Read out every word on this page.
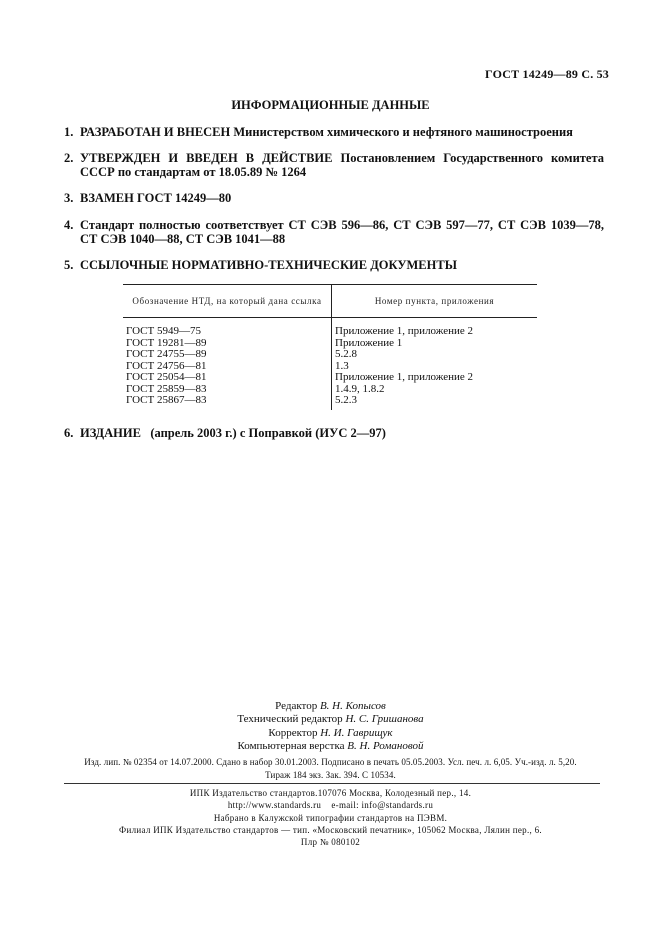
ГОСТ 14249—89 С. 53
ИНФОРМАЦИОННЫЕ ДАННЫЕ
1. РАЗРАБОТАН И ВНЕСЕН Министерством химического и нефтяного машиностроения
2. УТВЕРЖДЕН И ВВЕДЕН В ДЕЙСТВИЕ Постановлением Государственного комитета СССР по стандартам от 18.05.89 № 1264
3. ВЗАМЕН ГОСТ 14249—80
4. Стандарт полностью соответствует СТ СЭВ 596—86, СТ СЭВ 597—77, СТ СЭВ 1039—78, СТ СЭВ 1040—88, СТ СЭВ 1041—88
5. ССЫЛОЧНЫЕ НОРМАТИВНО-ТЕХНИЧЕСКИЕ ДОКУМЕНТЫ
Обозначение НТД, на который дана ссылка	Номер пункта, приложения

ГОСТ 5949—75	Приложение 1, приложение 2
ГОСТ 19281—89	Приложение 1
ГОСТ 24755—89	5.2.8
ГОСТ 24756—81	1.3
ГОСТ 25054—81	Приложение 1, приложение 2
ГОСТ 25859—83	1.4.9, 1.8.2
ГОСТ 25867—83	5.2.3
6. ИЗДАНИЕ   (апрель 2003 г.) с Поправкой (ИУС 2—97)
Редактор В. Н. Копысов
Технический редактор Н. С. Гришанова
Корректор Н. И. Гаврищук
Компьютерная верстка В. Н. Романовой
Изд. лип. № 02354 от 14.07.2000. Сдано в набор 30.01.2003. Подписано в печать 05.05.2003. Усл. печ. л. 6,05. Уч.-изд. л. 5,20.
Тираж 184 экз. Зак. 394. С 10534.
ИПК Издательство стандартов.107076 Москва, Колодезный пер., 14.
http://www.standards.ru    e-mail: info@standards.ru
Набрано в Калужской типографии стандартов на ПЭВМ.
Филиал ИПК Издательство стандартов — тип. «Московский печатник», 105062 Москва, Лялин пер., 6.
Плр № 080102
